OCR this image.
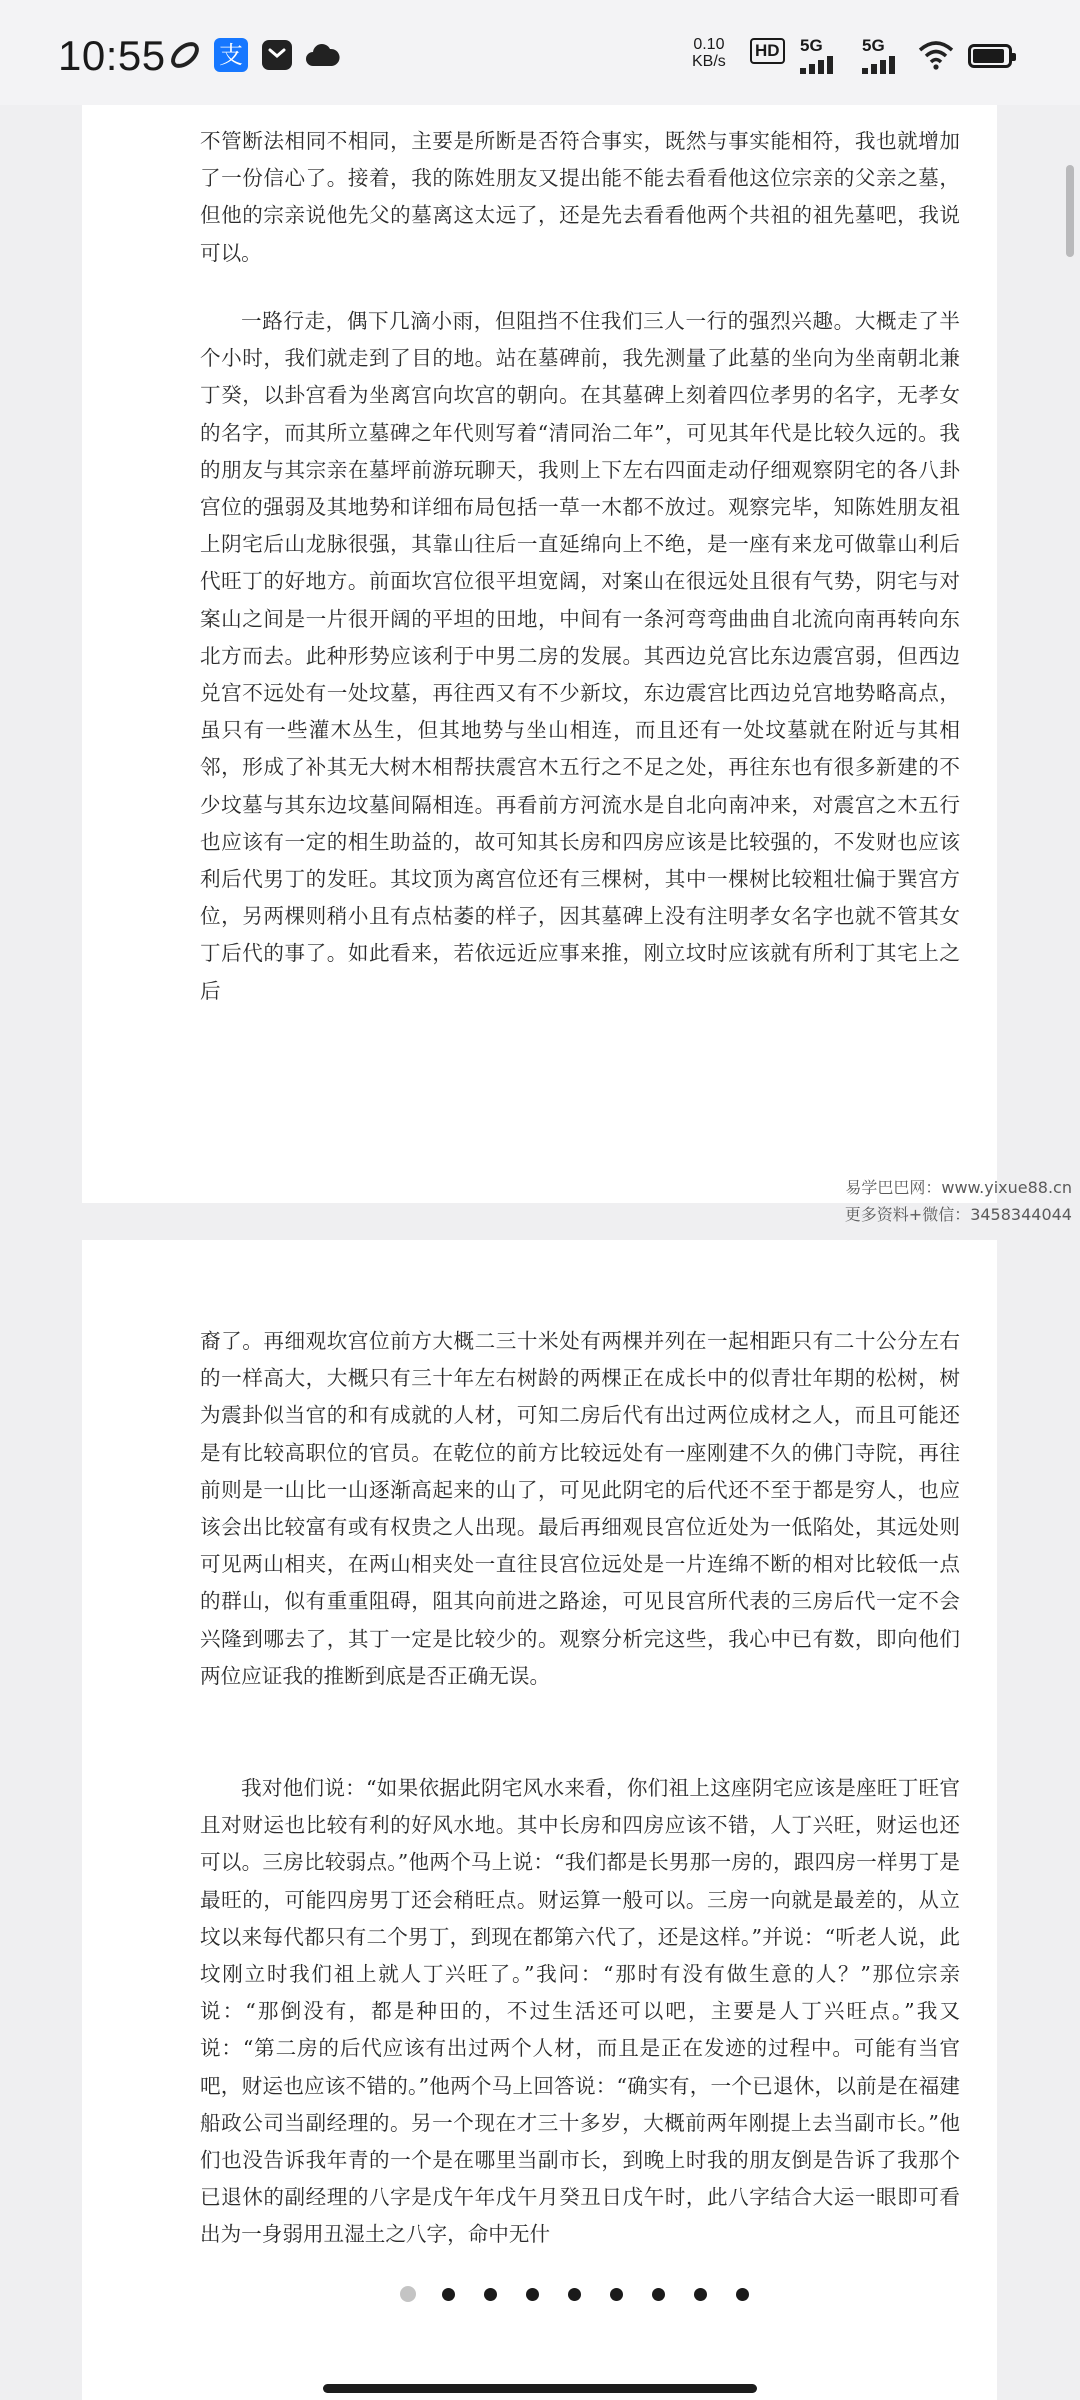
10:55 支	0.10
KB/s
HD 5G 5G

不管断法相同不相同，主要是所断是否符合事实，既然与事实能相符，我也就增加了一份信心了。接着，我的陈姓朋友又提出能不能去看看他这位宗亲的父亲之墓，但他的宗亲说他先父的墓离这太远了，还是先去看看他两个共祖的祖先墓吧，我说可以。

一路行走，偶下几滴小雨，但阻挡不住我们三人一行的强烈兴趣。大概走了半个小时，我们就走到了目的地。站在墓碑前，我先测量了此墓的坐向为坐南朝北兼丁癸，以卦宫看为坐离宫向坎宫的朝向。在其墓碑上刻着四位孝男的名字，无孝女的名字，而其所立墓碑之年代则写着“清同治二年”，可见其年代是比较久远的。我的朋友与其宗亲在墓坪前游玩聊天，我则上下左右四面走动仔细观察阴宅的各八卦宫位的强弱及其地势和详细布局包括一草一木都不放过。观察完毕，知陈姓朋友祖上阴宅后山龙脉很强，其靠山往后一直延绵向上不绝，是一座有来龙可做靠山利后代旺丁的好地方。前面坎宫位很平坦宽阔，对案山在很远处且很有气势，阴宅与对案山之间是一片很开阔的平坦的田地，中间有一条河弯弯曲曲自北流向南再转向东北方而去。此种形势应该利于中男二房的发展。其西边兑宫比东边震宫弱，但西边兑宫不远处有一处坟墓，再往西又有不少新坟，东边震宫比西边兑宫地势略高点，虽只有一些灌木丛生，但其地势与坐山相连，而且还有一处坟墓就在附近与其相邻，形成了补其无大树木相帮扶震宫木五行之不足之处，再往东也有很多新建的不少坟墓与其东边坟墓间隔相连。再看前方河流水是自北向南冲来，对震宫之木五行也应该有一定的相生助益的，故可知其长房和四房应该是比较强的，不发财也应该利后代男丁的发旺。其坟顶为离宫位还有三棵树，其中一棵树比较粗壮偏于巽宫方位，另两棵则稍小且有点枯萎的样子，因其墓碑上没有注明孝女名字也就不管其女丁后代的事了。如此看来，若依远近应事来推，刚立坟时应该就有所利丁其宅上之后

易学巴巴网：www.yixue88.cn
更多资料+微信：3458344044

裔了。再细观坎宫位前方大概二三十米处有两棵并列在一起相距只有二十公分左右的一样高大，大概只有三十年左右树龄的两棵正在成长中的似青壮年期的松树，树为震卦似当官的和有成就的人材，可知二房后代有出过两位成材之人，而且可能还是有比较高职位的官员。在乾位的前方比较远处有一座刚建不久的佛门寺院，再往前则是一山比一山逐渐高起来的山了，可见此阴宅的后代还不至于都是穷人，也应该会出比较富有或有权贵之人出现。最后再细观艮宫位近处为一低陷处，其远处则可见两山相夹，在两山相夹处一直往艮宫位远处是一片连绵不断的相对比较低一点的群山，似有重重阻碍，阻其向前进之路途，可见艮宫所代表的三房后代一定不会兴隆到哪去了，其丁一定是比较少的。观察分析完这些，我心中已有数，即向他们两位应证我的推断到底是否正确无误。

我对他们说：“如果依据此阴宅风水来看，你们祖上这座阴宅应该是座旺丁旺官且对财运也比较有利的好风水地。其中长房和四房应该不错，人丁兴旺，财运也还可以。三房比较弱点。”他两个马上说：“我们都是长男那一房的，跟四房一样男丁是最旺的，可能四房男丁还会稍旺点。财运算一般可以。三房一向就是最差的，从立坟以来每代都只有二个男丁，到现在都第六代了，还是这样。”并说：“听老人说，此坟刚立时我们祖上就人丁兴旺了。”我问：“那时有没有做生意的人？”那位宗亲说：“那倒没有，都是种田的，不过生活还可以吧，主要是人丁兴旺点。”我又说：“第二房的后代应该有出过两个人材，而且是正在发迹的过程中。可能有当官吧，财运也应该不错的。”他两个马上回答说：“确实有，一个已退休，以前是在福建船政公司当副经理的。另一个现在才三十多岁，大概前两年刚提上去当副市长。”他们也没告诉我年青的一个是在哪里当副市长，到晚上时我的朋友倒是告诉了我那个已退休的副经理的八字是戊午年戊午月癸丑日戊午时，此八字结合大运一眼即可看出为一身弱用丑湿土之八字，命中无什
